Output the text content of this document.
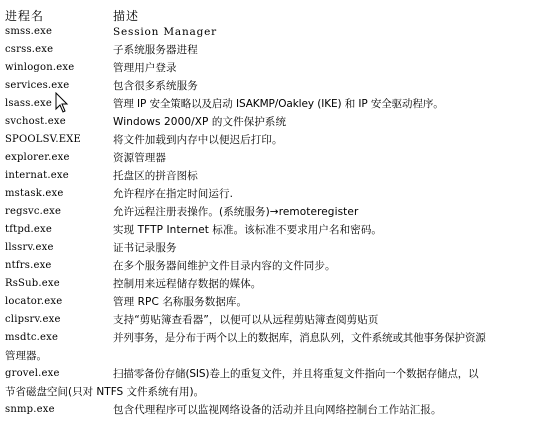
进程名	描述
smss.exe	Session Manager
csrss.exe	子系统服务器进程
winlogon.exe	管理用户登录
services.exe	包含很多系统服务
lsass.exe	管理 IP 安全策略以及启动 ISAKMP/Oakley (IKE) 和 IP 安全驱动程序。
svchost.exe	Windows 2000/XP 的文件保护系统
SPOOLSV.EXE	将文件加载到内存中以便迟后打印。
explorer.exe	资源管理器
internat.exe	托盘区的拼音图标
mstask.exe	允许程序在指定时间运行.
regsvc.exe	允许远程注册表操作。(系统服务)→remoteregister
tftpd.exe	实现 TFTP Internet 标准。该标准不要求用户名和密码。
llssrv.exe	证书记录服务
ntfrs.exe	在多个服务器间维护文件目录内容的文件同步。
RsSub.exe	控制用来远程储存数据的媒体。
locator.exe	管理 RPC 名称服务数据库。
clipsrv.exe	支持“剪贴簿查看器”，以便可以从远程剪贴簿查阅剪贴页
msdtc.exe	并列事务，是分布于两个以上的数据库，消息队列，文件系统或其他事务保护资源
管理器。
grovel.exe	扫描零备份存储(SIS)卷上的重复文件，并且将重复文件指向一个数据存储点，以
节省磁盘空间(只对 NTFS 文件系统有用)。
snmp.exe	包含代理程序可以监视网络设备的活动并且向网络控制台工作站汇报。
